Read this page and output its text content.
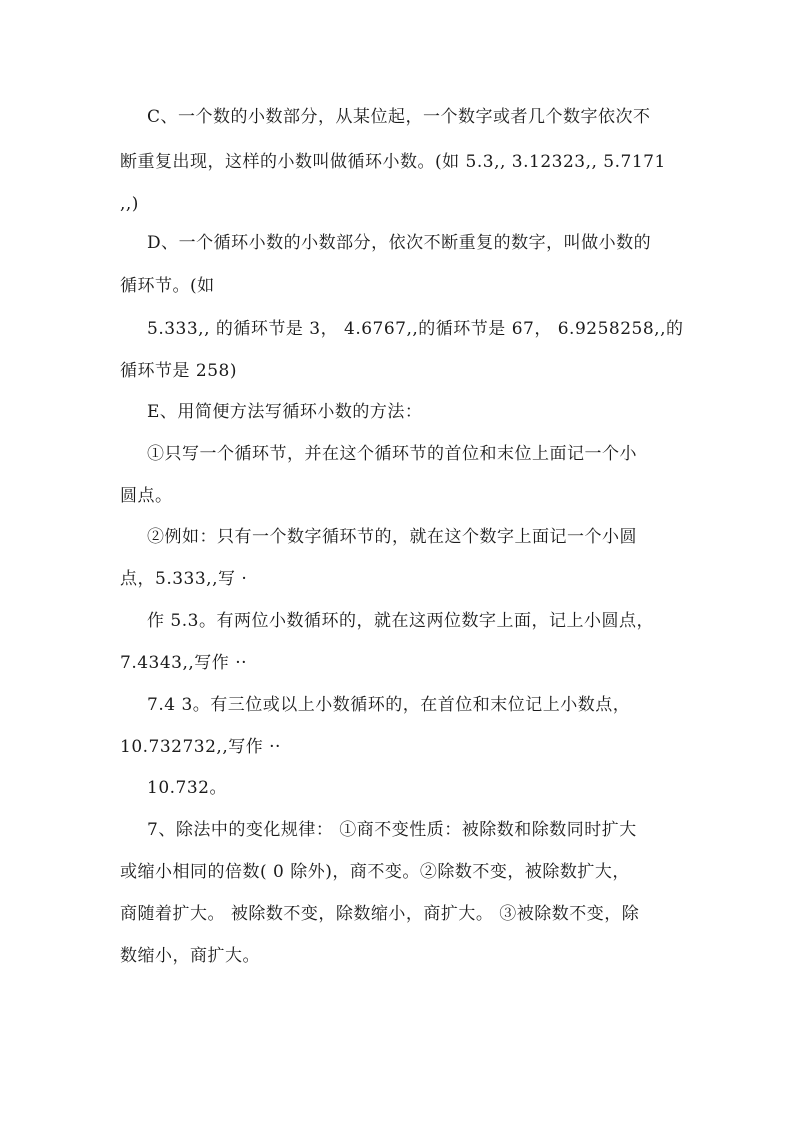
C、一个数的小数部分，从某位起，一个数字或者几个数字依次不
断重复出现，这样的小数叫做循环小数。(如 5.3,, 3.12323,, 5.7171
,,)
D、一个循环小数的小数部分，依次不断重复的数字，叫做小数的
循环节。(如
5.333,, 的循环节是 3， 4.6767,,的循环节是 67， 6.9258258,,的
循环节是 258)
E、用简便方法写循环小数的方法：
①只写一个循环节，并在这个循环节的首位和末位上面记一个小
圆点。
②例如：只有一个数字循环节的，就在这个数字上面记一个小圆
点，5.333,,写 ·
作 5.3。有两位小数循环的，就在这两位数字上面，记上小圆点，
7.4343,,写作 ··
7.4 3。有三位或以上小数循环的，在首位和末位记上小数点，
10.732732,,写作 ··
10.732。
7、除法中的变化规律： ①商不变性质：被除数和除数同时扩大
或缩小相同的倍数( 0 除外)，商不变。②除数不变，被除数扩大，
商随着扩大。 被除数不变，除数缩小，商扩大。 ③被除数不变，除
数缩小，商扩大。
